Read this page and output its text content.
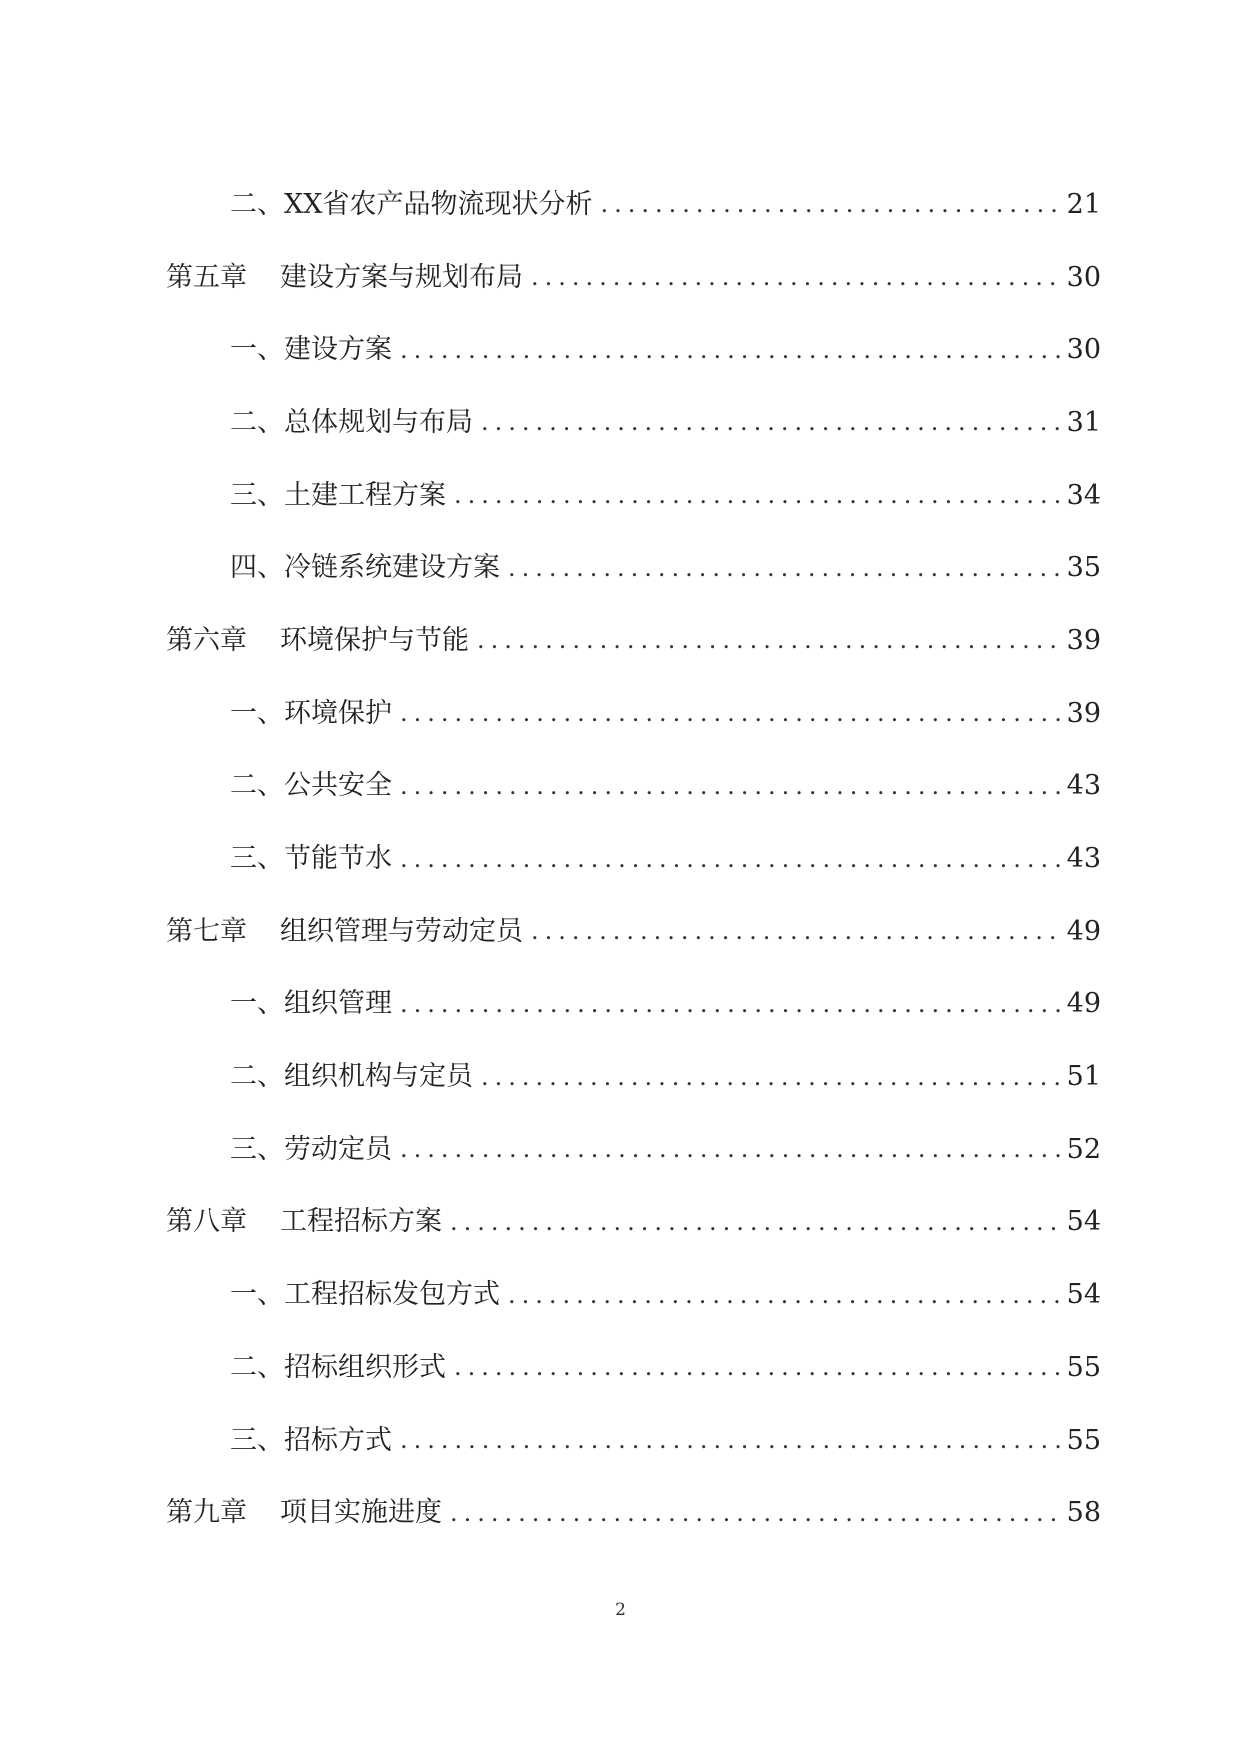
二、 XX省农产品物流现状分析 .....	21
第五章 建设方案与规划布局 .....	30
一、 建设方案 .....	30
二、 总体规划与布局 .....	31
三、 土建工程方案 .....	34
四、 冷链系统建设方案 .....	35
第六章 环境保护与节能 .....	39
一、 环境保护 .....	39
二、 公共安全 .....	43
三、 节能节水 .....	43
第七章 组织管理与劳动定员 .....	49
一、 组织管理 .....	49
二、 组织机构与定员 .....	51
三、 劳动定员 .....	52
第八章 工程招标方案 .....	54
一、 工程招标发包方式 .....	54
二、 招标组织形式 .....	55
三、 招标方式 .....	55
第九章 项目实施进度 .....	58
2
